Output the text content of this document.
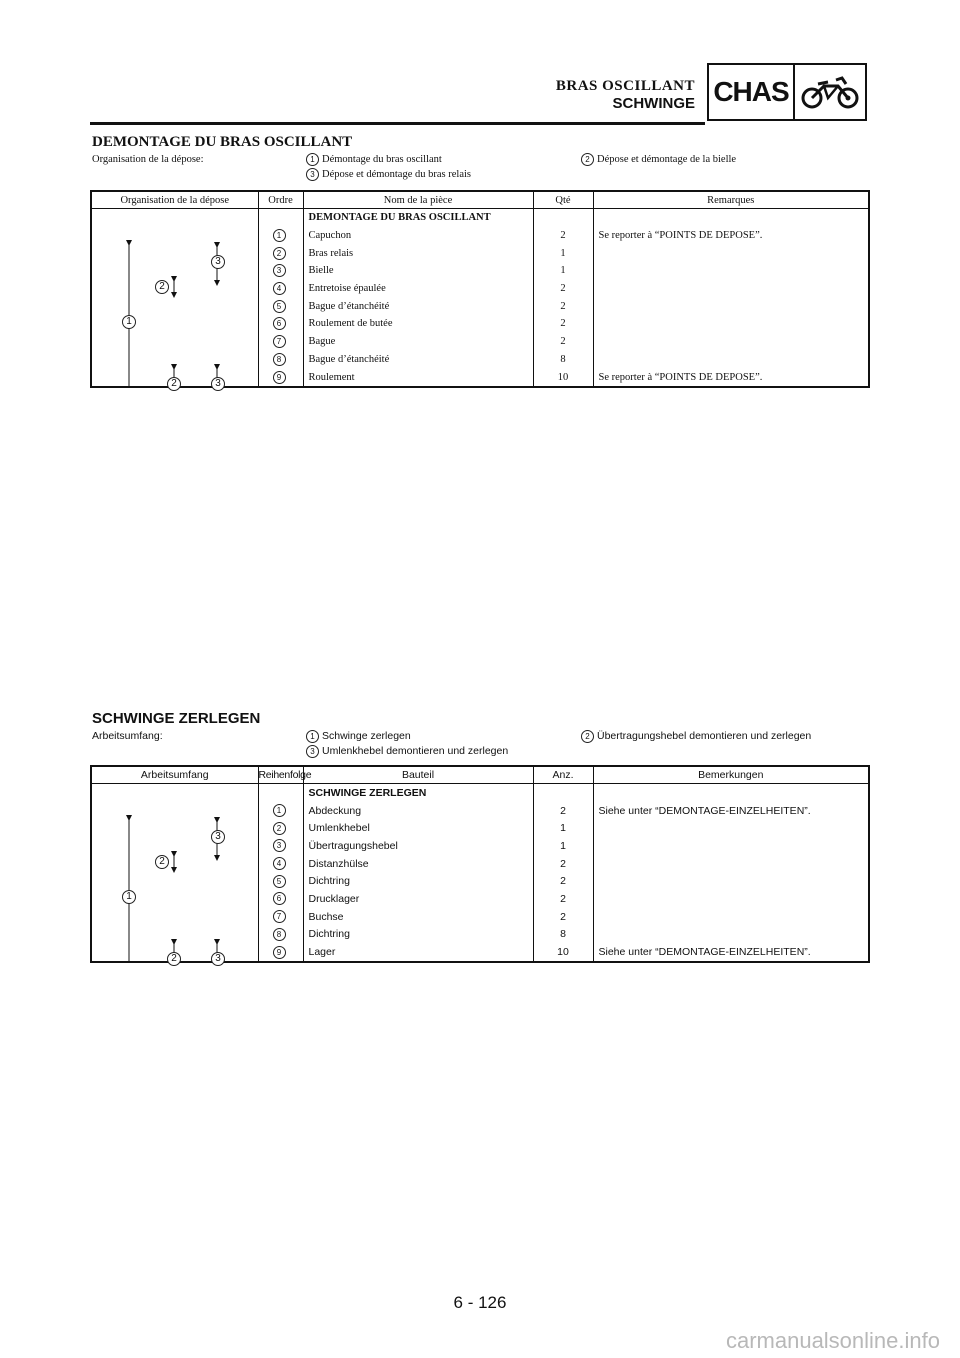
BRAS OSCILLANT
SCHWINGE CHAS
DEMONTAGE DU BRAS OSCILLANT
Organisation de la dépose:	1 Démontage du bras oscillant	2 Dépose et démontage de la bielle
3 Dépose et démontage du bras relais
Organisation de la dépose	Ordre	Nom de la pièce	Qté	Remarques

1
2
3
2 3		DEMONTAGE DU BRAS OSCILLANT		
	1	Capuchon	2	Se reporter à “POINTS DE DEPOSE”.
	2	Bras relais	1	
	3	Bielle	1	
	4	Entretoise épaulée	2	
	5	Bague d’étanchéité	2	
	6	Roulement de butée	2	
	7	Bague	2	
	8	Bague d’étanchéité	8	
	9	Roulement	10	Se reporter à “POINTS DE DEPOSE”.
SCHWINGE ZERLEGEN
Arbeitsumfang:	1 Schwinge zerlegen	2 Übertragungshebel demontieren und zerlegen
3 Umlenkhebel demontieren und zerlegen
Arbeitsumfang	Reihenfolge	Bauteil	Anz.	Bemerkungen

1
2
3
2 3		SCHWINGE ZERLEGEN		
	1	Abdeckung	2	Siehe unter “DEMONTAGE-EINZELHEITEN”.
	2	Umlenkhebel	1	
	3	Übertragungshebel	1	
	4	Distanzhülse	2	
	5	Dichtring	2	
	6	Drucklager	2	
	7	Buchse	2	
	8	Dichtring	8	
	9	Lager	10	Siehe unter “DEMONTAGE-EINZELHEITEN”.
6 - 126
carmanualsonline.info
